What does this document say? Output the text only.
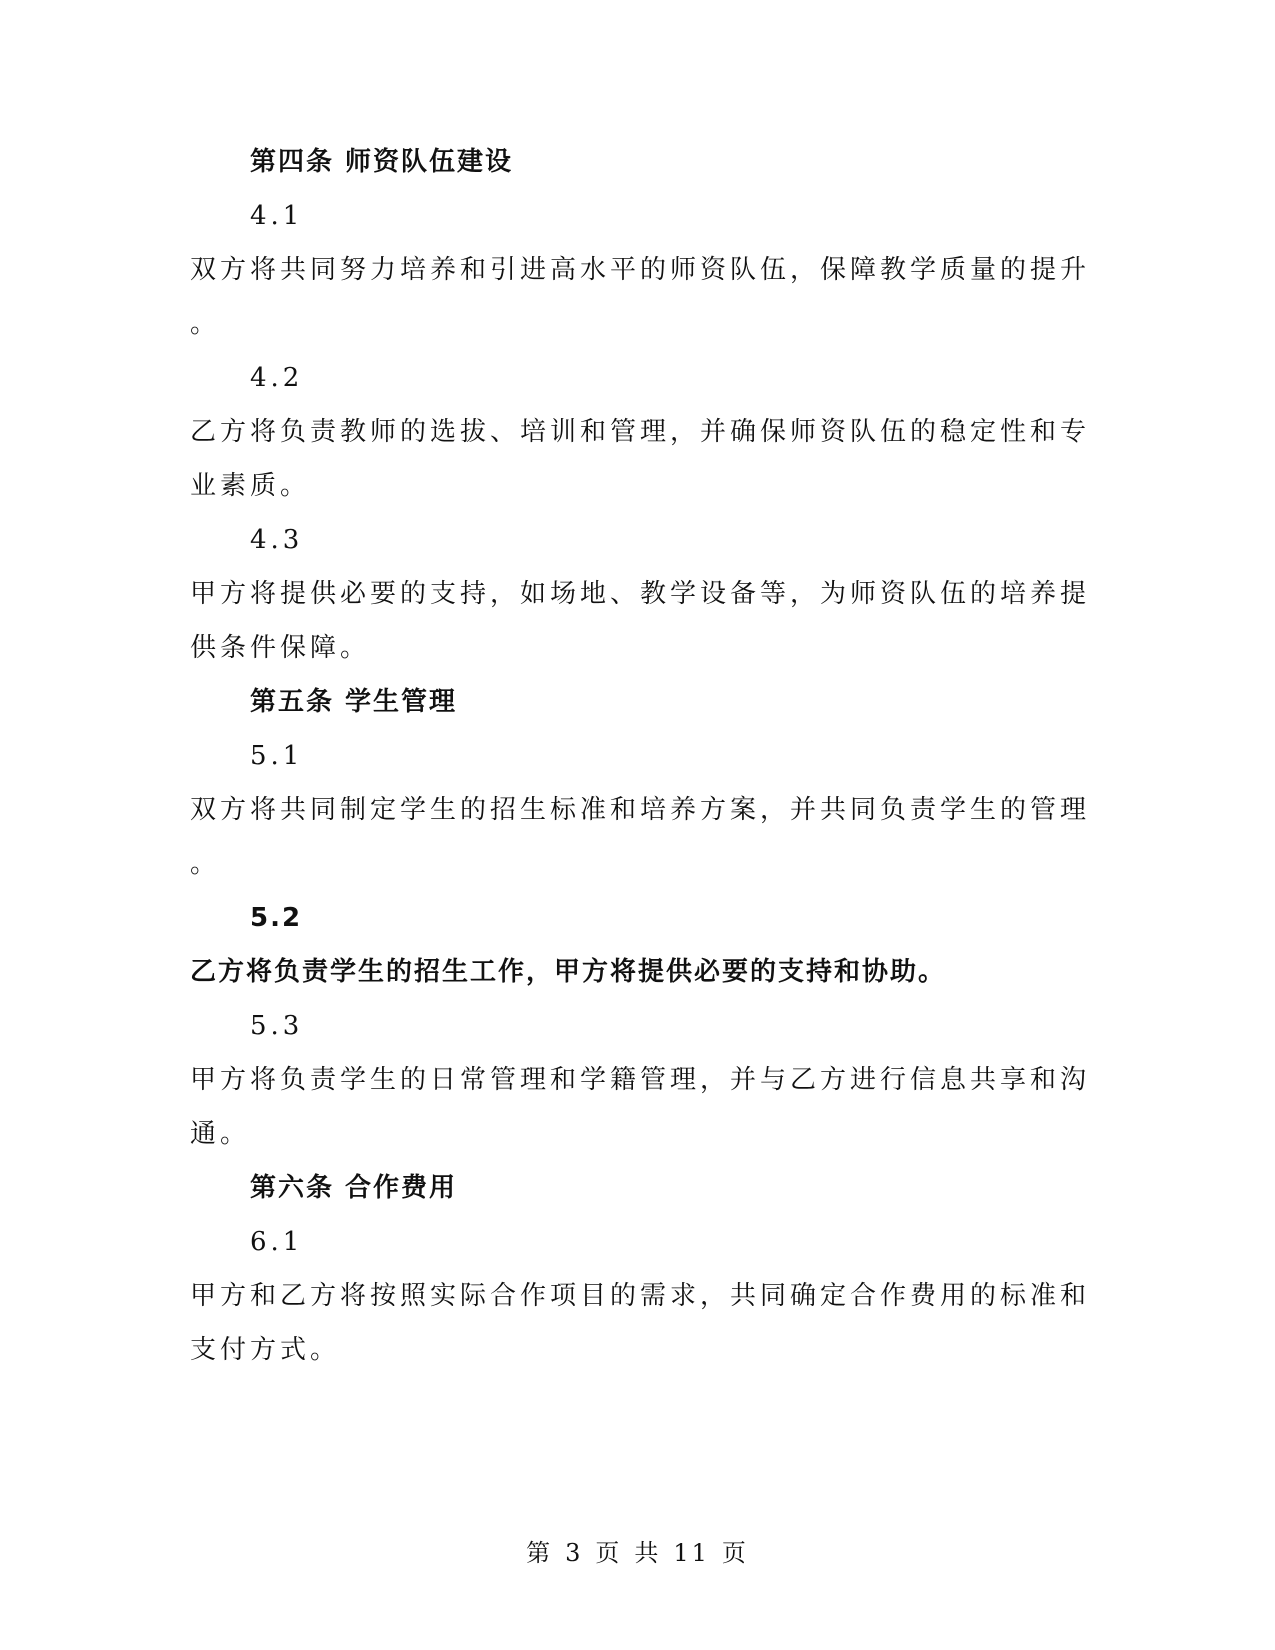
第四条 师资队伍建设
4.1
双方将共同努力培养和引进高水平的师资队伍，保障教学质量的提升
。
4.2
乙方将负责教师的选拔、培训和管理，并确保师资队伍的稳定性和专
业素质。
4.3
甲方将提供必要的支持，如场地、教学设备等，为师资队伍的培养提
供条件保障。
第五条 学生管理
5.1
双方将共同制定学生的招生标准和培养方案，并共同负责学生的管理
。
5.2
乙方将负责学生的招生工作，甲方将提供必要的支持和协助。
5.3
甲方将负责学生的日常管理和学籍管理，并与乙方进行信息共享和沟
通。
第六条 合作费用
6.1
甲方和乙方将按照实际合作项目的需求，共同确定合作费用的标准和
支付方式。
第 3 页 共 11 页
